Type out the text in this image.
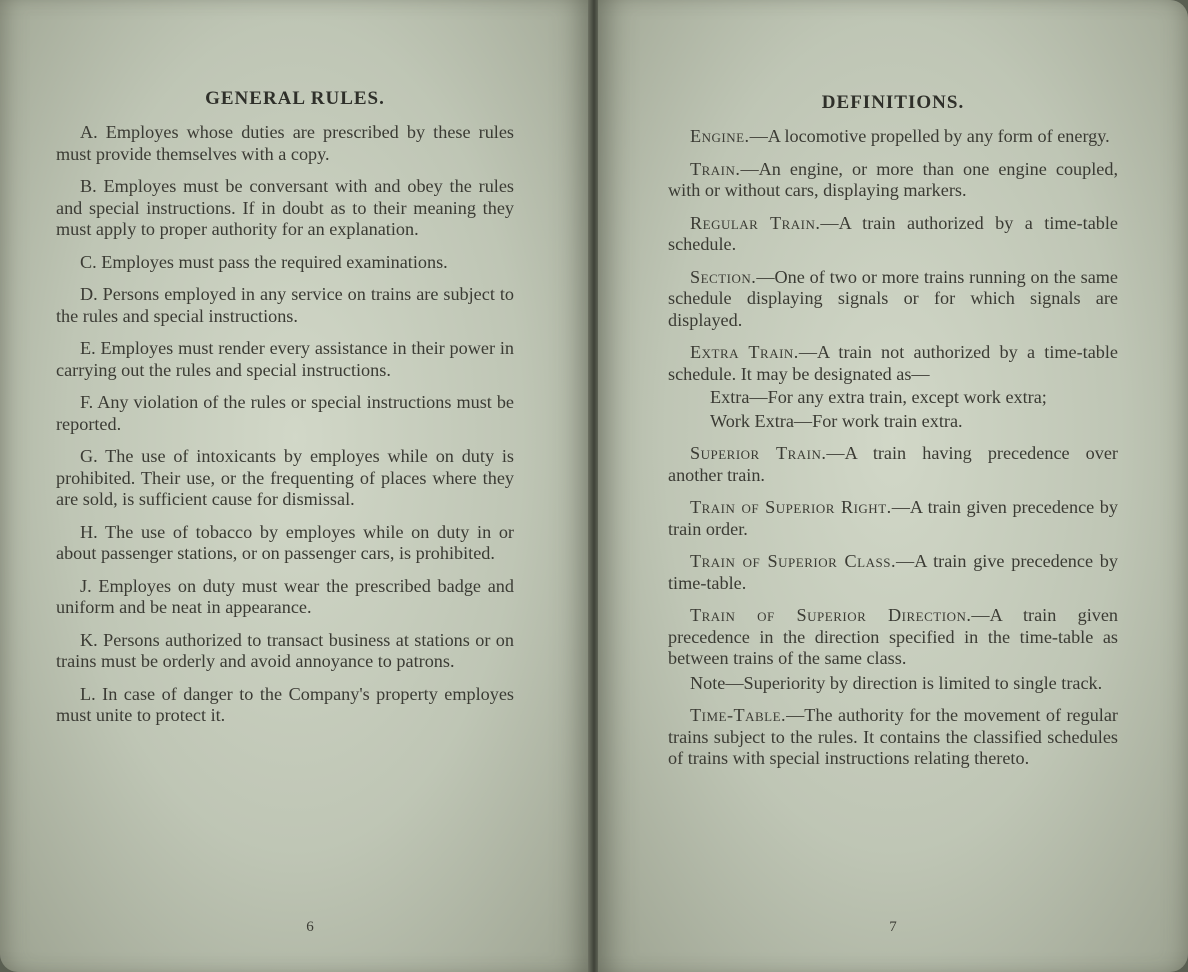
GENERAL RULES.

A. Employes whose duties are prescribed by these rules must provide themselves with a copy.

B. Employes must be conversant with and obey the rules and special instructions. If in doubt as to their meaning they must apply to proper authority for an explanation.

C. Employes must pass the required examinations.

D. Persons employed in any service on trains are subject to the rules and special instructions.

E. Employes must render every assistance in their power in carrying out the rules and special instructions.

F. Any violation of the rules or special instructions must be reported.

G. The use of intoxicants by employes while on duty is prohibited. Their use, or the frequenting of places where they are sold, is sufficient cause for dismissal.

H. The use of tobacco by employes while on duty in or about passenger stations, or on passenger cars, is prohibited.

J. Employes on duty must wear the prescribed badge and uniform and be neat in appearance.

K. Persons authorized to transact business at stations or on trains must be orderly and avoid annoyance to patrons.

L. In case of danger to the Company's property employes must unite to protect it.

6
DEFINITIONS.

Engine.—A locomotive propelled by any form of energy.

Train.—An engine, or more than one engine coupled, with or without cars, displaying markers.

Regular Train.—A train authorized by a time-table schedule.

Section.—One of two or more trains running on the same schedule displaying signals or for which signals are displayed.

Extra Train.—A train not authorized by a time-table schedule. It may be designated as—

Extra—For any extra train, except work extra;
Work Extra—For work train extra.

Superior Train.—A train having precedence over another train.

Train of Superior Right.—A train given precedence by train order.

Train of Superior Class.—A train give precedence by time-table.

Train of Superior Direction.—A train given precedence in the direction specified in the time-table as between trains of the same class.

Note—Superiority by direction is limited to single track.

Time-Table.—The authority for the movement of regular trains subject to the rules. It contains the classified schedules of trains with special instructions relating thereto.

7
